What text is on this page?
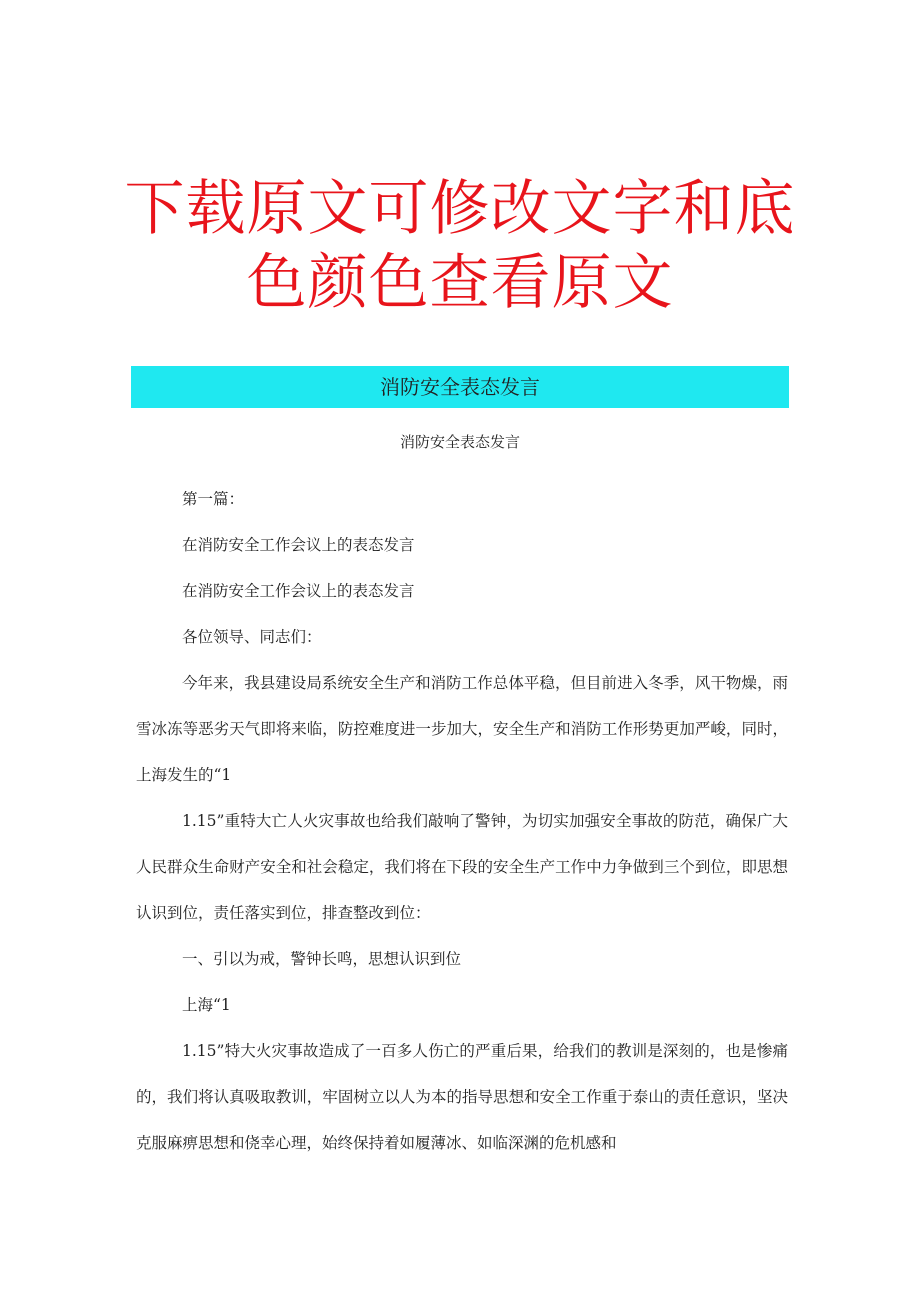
下载原文可修改文字和底
色颜色查看原文
消防安全表态发言
消防安全表态发言

第一篇：

在消防安全工作会议上的表态发言

在消防安全工作会议上的表态发言

各位领导、同志们：

今年来，我县建设局系统安全生产和消防工作总体平稳，但目前进入冬季，风干物燥，雨雪冰冻等恶劣天气即将来临，防控难度进一步加大，安全生产和消防工作形势更加严峻，同时，上海发生的“1

1.15”重特大亡人火灾事故也给我们敲响了警钟，为切实加强安全事故的防范，确保广大人民群众生命财产安全和社会稳定，我们将在下段的安全生产工作中力争做到三个到位，即思想认识到位，责任落实到位，排查整改到位：

一、引以为戒，警钟长鸣，思想认识到位

上海“1

1.15”特大火灾事故造成了一百多人伤亡的严重后果，给我们的教训是深刻的，也是惨痛的，我们将认真吸取教训，牢固树立以人为本的指导思想和安全工作重于泰山的责任意识，坚决克服麻痹思想和侥幸心理，始终保持着如履薄冰、如临深渊的危机感和
